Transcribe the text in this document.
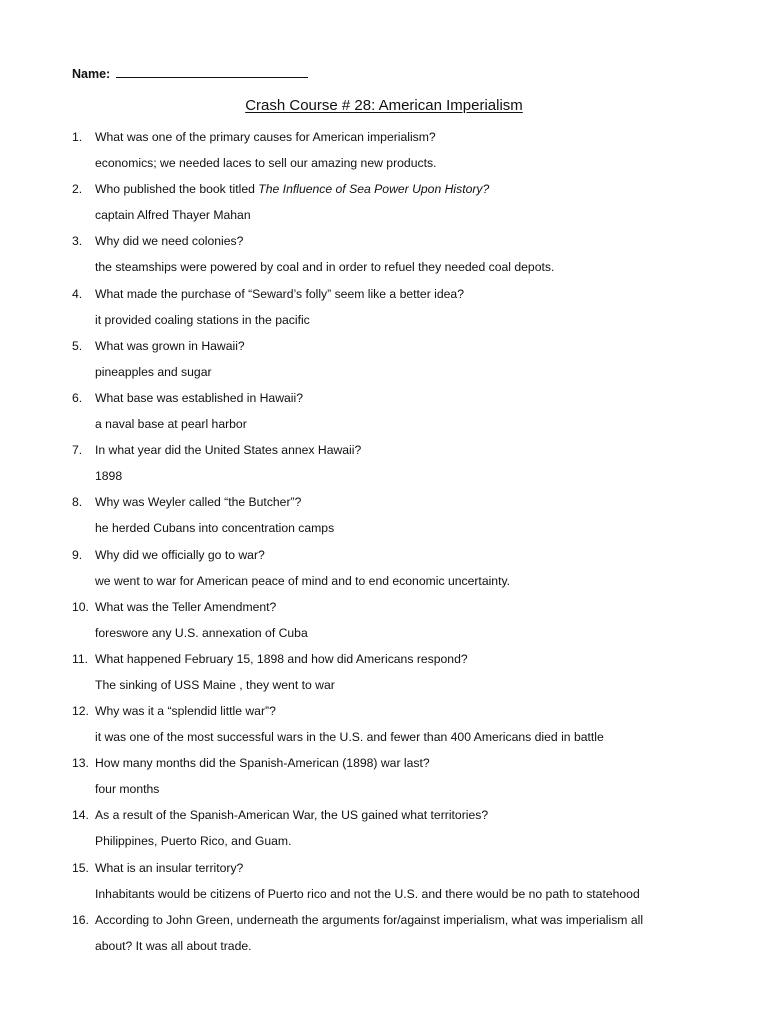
Name:
Crash Course # 28: American Imperialism
1. What was one of the primary causes for American imperialism?
economics; we needed laces to sell our amazing new products.
2. Who published the book titled The Influence of Sea Power Upon History?
captain Alfred Thayer Mahan
3. Why did we need colonies?
the steamships were powered by coal and in order to refuel they needed coal depots.
4. What made the purchase of “Seward’s folly” seem like a better idea?
it provided coaling stations in the pacific
5. What was grown in Hawaii?
pineapples and sugar
6. What base was established in Hawaii?
a naval base at pearl harbor
7. In what year did the United States annex Hawaii?
1898
8. Why was Weyler called “the Butcher”?
he herded Cubans into concentration camps
9. Why did we officially go to war?
we went to war for American peace of mind and to end economic uncertainty.
10. What was the Teller Amendment?
foreswore any U.S. annexation of Cuba
11. What happened February 15, 1898 and how did Americans respond?
The sinking of USS Maine , they went to war
12. Why was it a “splendid little war”?
it was one of the most successful wars in the U.S. and fewer than 400 Americans died in battle
13. How many months did the Spanish-American (1898) war last?
four months
14. As a result of the Spanish-American War, the US gained what territories?
Philippines, Puerto Rico, and Guam.
15. What is an insular territory?
Inhabitants would be citizens of Puerto rico and not the U.S. and there would be no path to statehood
16. According to John Green, underneath the arguments for/against imperialism, what was imperialism all
about? It was all about trade.
